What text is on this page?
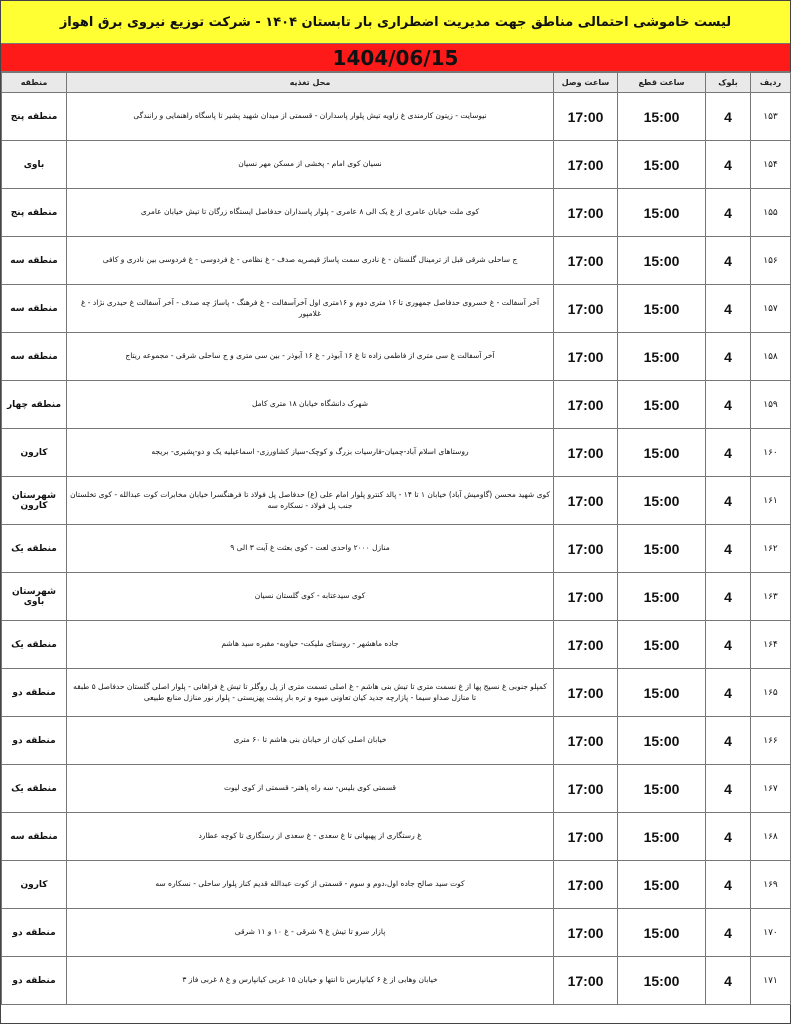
لیست خاموشی احتمالی مناطق جهت مدیریت اضطراری بار تابستان ۱۴۰۴ - شرکت توزیع نیروی برق اهواز
1404/06/15
ردیف	بلوک	ساعت قطع	ساعت وصل	محل تغذیه	منطقه
۱۵۳	4	15:00	17:00	نیوسایت - زیتون کارمندی غ زاویه تیش پلوار پاسداران - قسمتی از میدان شهید پشیر تا پاسگاه راهنمایی و رانندگی	منطقه پنج
۱۵۴	4	15:00	17:00	نسیان کوی امام - پخشی از مسکن مهر نسیان	باوی
۱۵۵	4	15:00	17:00	کوی ملت خیابان عامری از غ یک الی ۸ عامری - پلوار پاسداران حدفاصل ایستگاه زرگان تا تیش خیابان عامری	منطقه پنج
۱۵۶	4	15:00	17:00	ج ساحلی شرقی قبل از ترمینال گلستان - غ نادری سمت پاساژ قیصریه صدف - غ نظامی - غ فردوسی - غ فردوسی بین نادری و کافی	منطقه سه
۱۵۷	4	15:00	17:00	آخر آسفالت - غ خسروی حدفاصل جمهوری تا ۱۶ متری دوم و ۱۶متری اول آخرآسفالت - غ فرهنگ - پاساژ چه صدف - آخر آسفالت غ حیدری نژاد - غ غلامپور	منطقه سه
۱۵۸	4	15:00	17:00	آخر آسفالت غ سی متری از فاطمی زاده تا غ ۱۶ آبوذر - غ ۱۶ آبوذر - بین سی متری و ج ساحلی شرقی - مجموعه ریتاج	منطقه سه
۱۵۹	4	15:00	17:00	شهرک دانشگاه خیابان ۱۸ متری کامل	منطقه چهار
۱۶۰	4	15:00	17:00	روستاهای اسلام آباد-چمیان-فارسیات بزرگ و کوچک-سیاز کشاورزی- اسماعیلیه یک و دو-پشیری- بریجه	کارون
۱۶۱	4	15:00	17:00	کوی شهید محسن (گاومیش آباد) خیابان ۱ تا ۱۴ - پالد کنترو پلوار امام علی (ع) حدفاصل پل فولاد تا فرهنگسرا خیابان مخابرات کوت عبدالله - کوی تخلستان جنب پل فولاد - نسکاره سه	شهرستان کارون
۱۶۲	4	15:00	17:00	منازل ۲۰۰۰ واحدی لعت - کوی بعثت غ آیت ۳ الی ۹	منطقه یک
۱۶۳	4	15:00	17:00	کوی سیدعتابه - کوی گلستان نسیان	شهرستان باوی
۱۶۴	4	15:00	17:00	جاده ماهشهر - روستای ملیکت- حیاوبه- مقبره سید هاشم	منطقه یک
۱۶۵	4	15:00	17:00	کمپلو جنوبی غ نسیج پها از غ نسمت متری تا تیش بنی هاشم - غ اصلی تسمت متری از پل روگلر تا تیش غ فراهانی - پلوار اصلی گلستان حدفاصل ۵ طبقه تا منازل صداو سیما - پازارچه جدید کیان تعاونی میوه و تره بار پشت پهزیستی - پلوار نور منازل منابع طبیعی	منطقه دو
۱۶۶	4	15:00	17:00	خیابان اصلی کیان از خیابان بنی هاشم تا ۶۰ متری	منطقه دو
۱۶۷	4	15:00	17:00	قسمتی کوی بلیس- سه راه پاهنر- قسمتی از کوی لیوت	منطقه یک
۱۶۸	4	15:00	17:00	غ رستگاری از پهبهانی تا غ سعدی - غ سعدی از رستگاری تا کوچه عطارد	منطقه سه
۱۶۹	4	15:00	17:00	کوت سید صالح جاده اول،دوم و سوم - قسمتی از کوت عبدالله قدیم کنار پلوار ساحلی - نسکاره سه	کارون
۱۷۰	4	15:00	17:00	پازار سرو تا تیش غ ۹ شرقی - غ ۱۰ و ۱۱ شرقی	منطقه دو
۱۷۱	4	15:00	17:00	خیابان وهابی از غ ۶ کیانپارس تا انتها و خیابان ۱۵ غربی کیانپارس و غ ۸ غربی فاز ۳	منطقه دو
